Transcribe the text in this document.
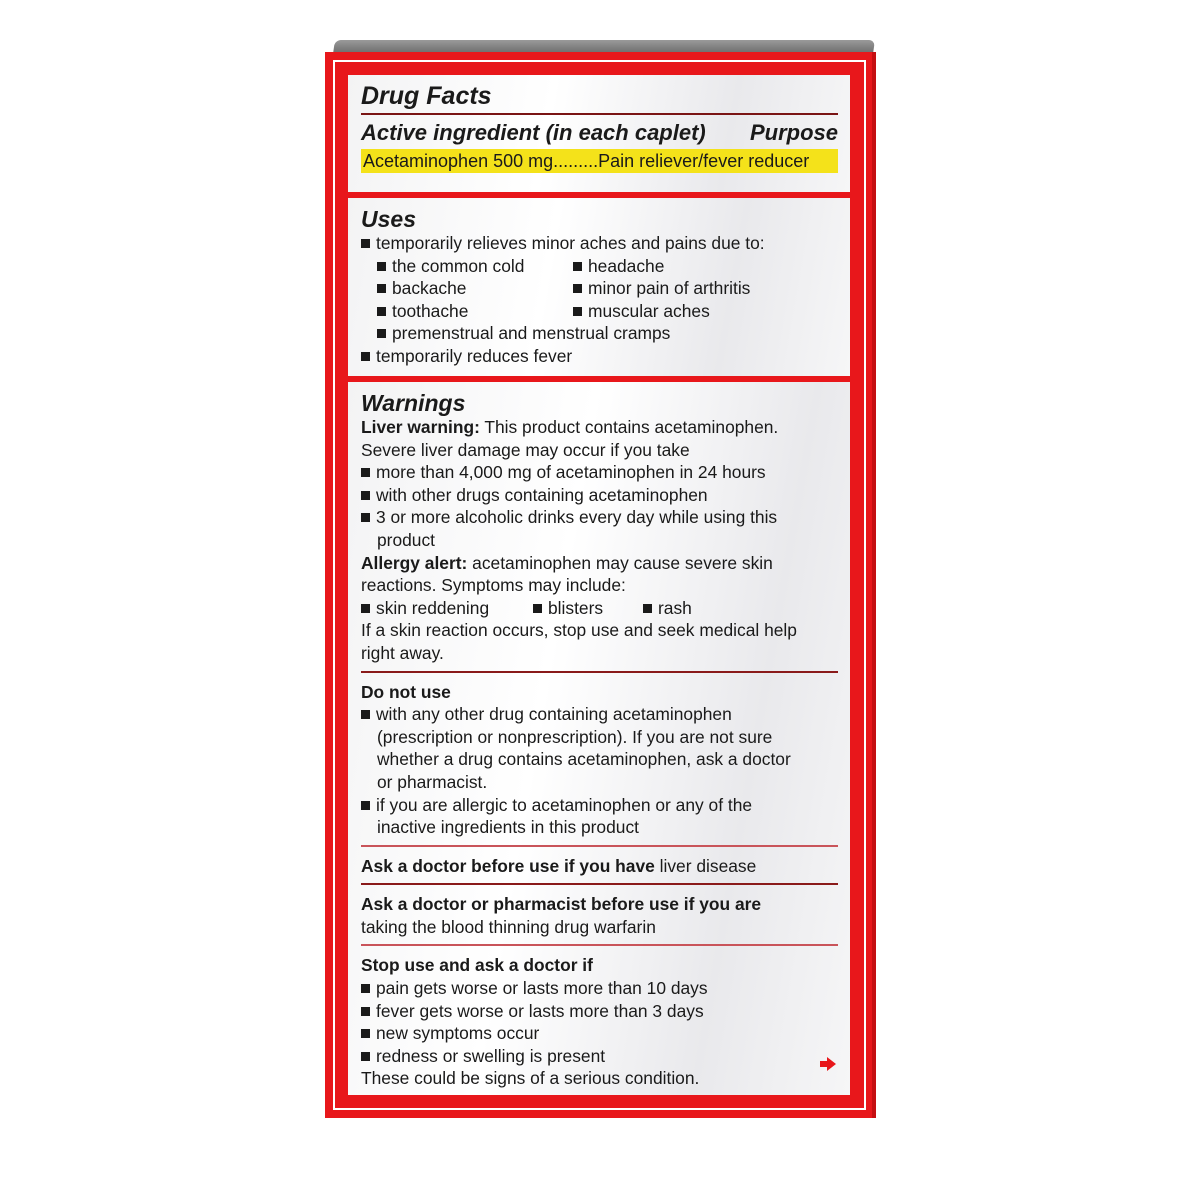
Drug Facts
Active ingredient (in each caplet) Purpose
Acetaminophen 500 mg.........Pain reliever/fever reducer
Uses
temporarily relieves minor aches and pains due to:
the common cold	headache
backache	minor pain of arthritis
toothache	muscular aches
premenstrual and menstrual cramps
temporarily reduces fever
Warnings
Liver warning: This product contains acetaminophen.
Severe liver damage may occur if you take
more than 4,000 mg of acetaminophen in 24 hours
with other drugs containing acetaminophen
3 or more alcoholic drinks every day while using this
product
Allergy alert: acetaminophen may cause severe skin
reactions. Symptoms may include:
skin reddening	blisters	rash
If a skin reaction occurs, stop use and seek medical help
right away.
Do not use
with any other drug containing acetaminophen
(prescription or nonprescription). If you are not sure
whether a drug contains acetaminophen, ask a doctor
or pharmacist.
if you are allergic to acetaminophen or any of the
inactive ingredients in this product
Ask a doctor before use if you have liver disease
Ask a doctor or pharmacist before use if you are
taking the blood thinning drug warfarin
Stop use and ask a doctor if
pain gets worse or lasts more than 10 days
fever gets worse or lasts more than 3 days
new symptoms occur
redness or swelling is present
These could be signs of a serious condition.
